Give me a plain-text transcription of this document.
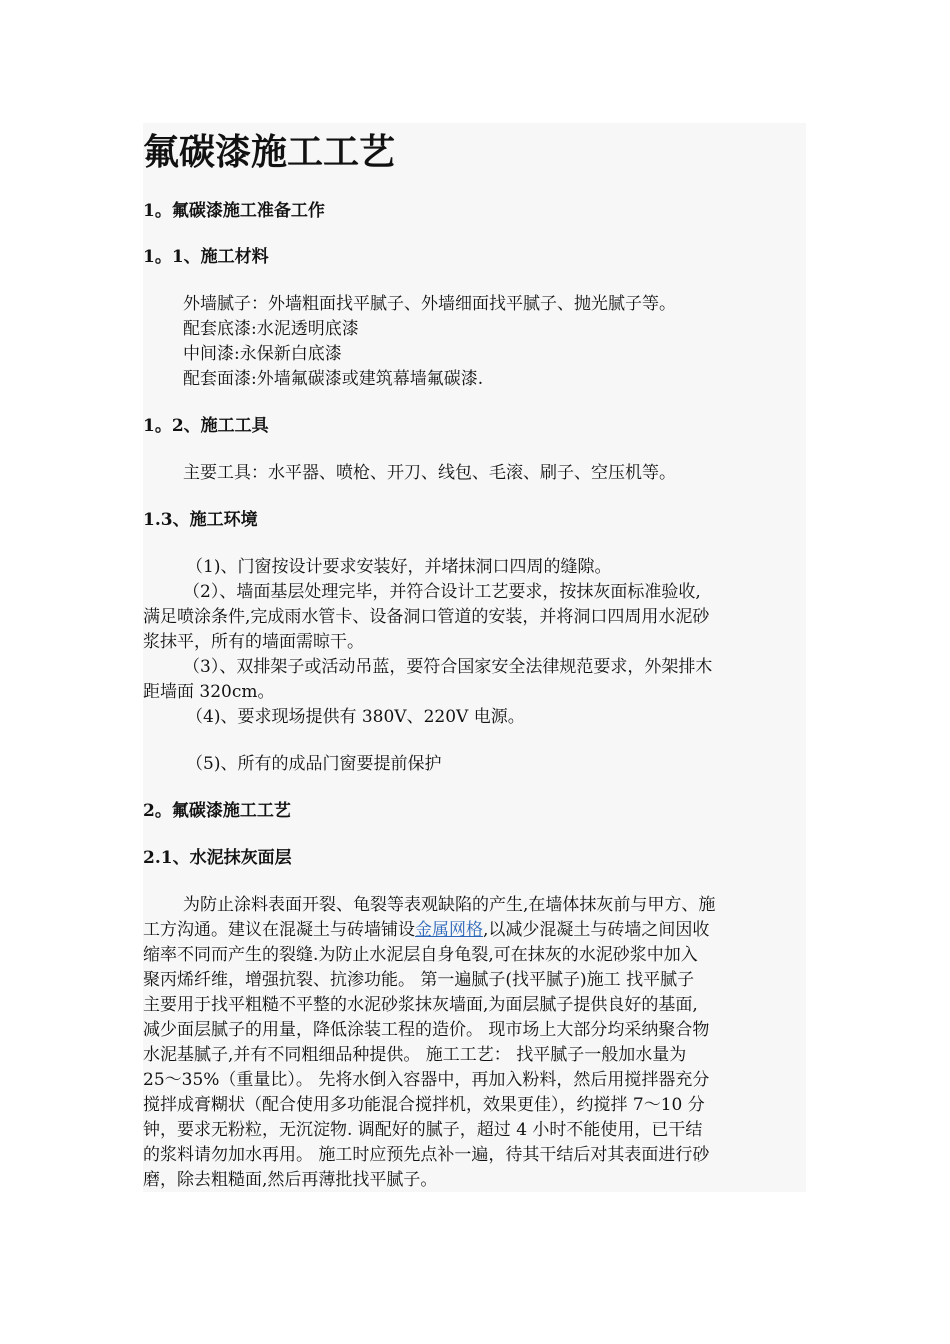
氟碳漆施工工艺
1。氟碳漆施工准备工作
1。1、施工材料
外墙腻子：外墙粗面找平腻子、外墙细面找平腻子、抛光腻子等。
配套底漆:水泥透明底漆
中间漆:永保新白底漆
配套面漆:外墙氟碳漆或建筑幕墙氟碳漆.
1。2、施工工具
主要工具：水平器、喷枪、开刀、线包、毛滚、刷子、空压机等。
1.3、施工环境
（1)、门窗按设计要求安装好，并堵抹洞口四周的缝隙。
（2）、墙面基层处理完毕，并符合设计工艺要求，按抹灰面标准验收,
满足喷涂条件,完成雨水管卡、设备洞口管道的安装，并将洞口四周用水泥砂
浆抹平，所有的墙面需晾干。
（3）、双排架子或活动吊蓝，要符合国家安全法律规范要求，外架排木
距墙面 320cm。
（4)、要求现场提供有 380V、220V 电源。
（5)、所有的成品门窗要提前保护
2。氟碳漆施工工艺
2.1、水泥抹灰面层
为防止涂料表面开裂、龟裂等表观缺陷的产生,在墙体抹灰前与甲方、施
工方沟通。建议在混凝土与砖墙铺设金属网格,以减少混凝土与砖墙之间因收
缩率不同而产生的裂缝.为防止水泥层自身龟裂,可在抹灰的水泥砂浆中加入
聚丙烯纤维，增强抗裂、抗渗功能。 第一遍腻子(找平腻子)施工 找平腻子
主要用于找平粗糙不平整的水泥砂浆抹灰墙面,为面层腻子提供良好的基面,
减少面层腻子的用量，降低涂装工程的造价。 现市场上大部分均采纳聚合物
水泥基腻子,并有不同粗细品种提供。 施工工艺： 找平腻子一般加水量为
25～35%（重量比）。 先将水倒入容器中，再加入粉料，然后用搅拌器充分
搅拌成膏糊状（配合使用多功能混合搅拌机，效果更佳），约搅拌 7～10 分
钟，要求无粉粒，无沉淀物. 调配好的腻子，超过 4 小时不能使用，已干结
的浆料请勿加水再用。 施工时应预先点补一遍，待其干结后对其表面进行砂
磨，除去粗糙面,然后再薄批找平腻子。
